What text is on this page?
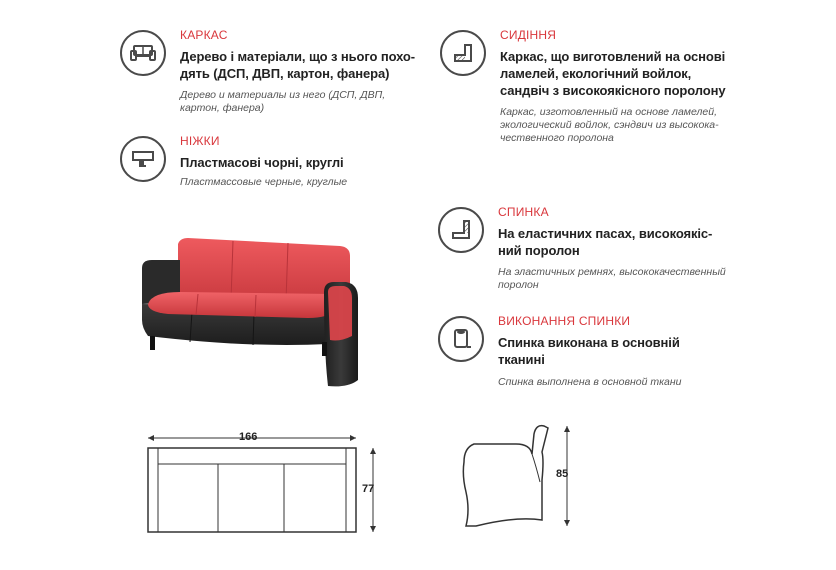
КАРКАС
Дерево і матеріали, що з нього похо-
дять (ДСП, ДВП, картон, фанера)
Дерево и материалы из него (ДСП, ДВП,
картон, фанера)
НІЖКИ
Пластмасові чорні, круглі
Пластмассовые черные, круглые
СИДІННЯ
Каркас, що виготовлений на основі
ламелей, екологічний войлок,
сандвіч з високоякісного поролону
Каркас, изготовленный на основе ламелей,
экологический войлок, сэндвич из высокока-
чественного поролона
СПИНКА
На еластичних пасах, високоякіс-
ний поролон
На эластичных ремнях, высококачественный
поролон
ВИКОНАННЯ СПИНКИ
Спинка виконана в основній
тканині
Спинка выполнена в основной ткани
166
77
85
